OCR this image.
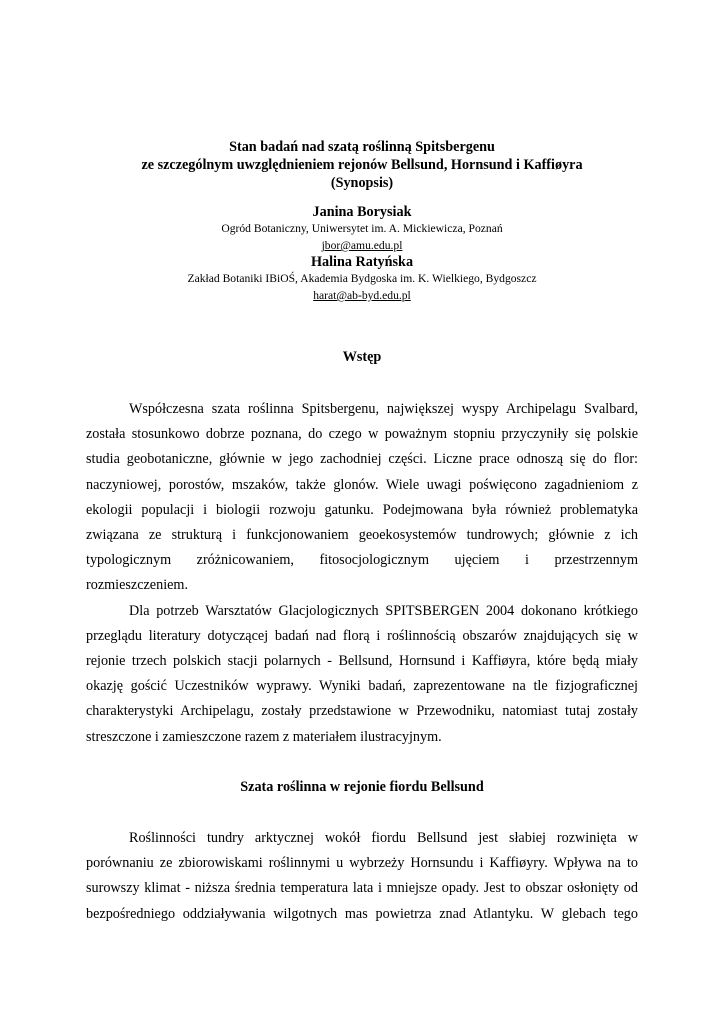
Stan badań nad szatą roślinną Spitsbergenu
ze szczególnym uwzględnieniem rejonów Bellsund, Hornsund i Kaffiøyra
(Synopsis)
Janina Borysiak
Ogród Botaniczny, Uniwersytet im. A. Mickiewicza, Poznań
jbor@amu.edu.pl
Halina Ratyńska
Zakład Botaniki IBiOŚ, Akademia Bydgoska im. K. Wielkiego, Bydgoszcz
harat@ab-byd.edu.pl
Wstęp
Współczesna szata roślinna Spitsbergenu, największej wyspy Archipelagu Svalbard,
została stosunkowo dobrze poznana, do czego w poważnym stopniu przyczyniły się polskie
studia geobotaniczne, głównie w jego zachodniej części. Liczne prace odnoszą się do flor:
naczyniowej, porostów, mszaków, także glonów. Wiele uwagi poświęcono zagadnieniom z
ekologii populacji i biologii rozwoju gatunku. Podejmowana była również problematyka
związana ze strukturą i funkcjonowaniem geoekosystemów tundrowych; głównie z ich
typologicznym zróżnicowaniem, fitosocjologicznym ujęciem i przestrzennym
rozmieszczeniem.
Dla potrzeb Warsztatów Glacjologicznych SPITSBERGEN 2004 dokonano krótkiego
przeglądu literatury dotyczącej badań nad florą i roślinnością obszarów znajdujących się w
rejonie trzech polskich stacji polarnych - Bellsund, Hornsund i Kaffiøyra, które będą miały
okazję gościć Uczestników wyprawy. Wyniki badań, zaprezentowane na tle fizjograficznej
charakterystyki Archipelagu, zostały przedstawione w Przewodniku, natomiast tutaj zostały
streszczone i zamieszczone razem z materiałem ilustracyjnym.
Szata roślinna w rejonie fiordu Bellsund
Roślinności tundry arktycznej wokół fiordu Bellsund jest słabiej rozwinięta w
porównaniu ze zbiorowiskami roślinnymi u wybrzeży Hornsundu i Kaffiøyry. Wpływa na to
surowszy klimat - niższa średnia temperatura lata i mniejsze opady. Jest to obszar osłonięty od
bezpośredniego oddziaływania wilgotnych mas powietrza znad Atlantyku. W glebach tego
